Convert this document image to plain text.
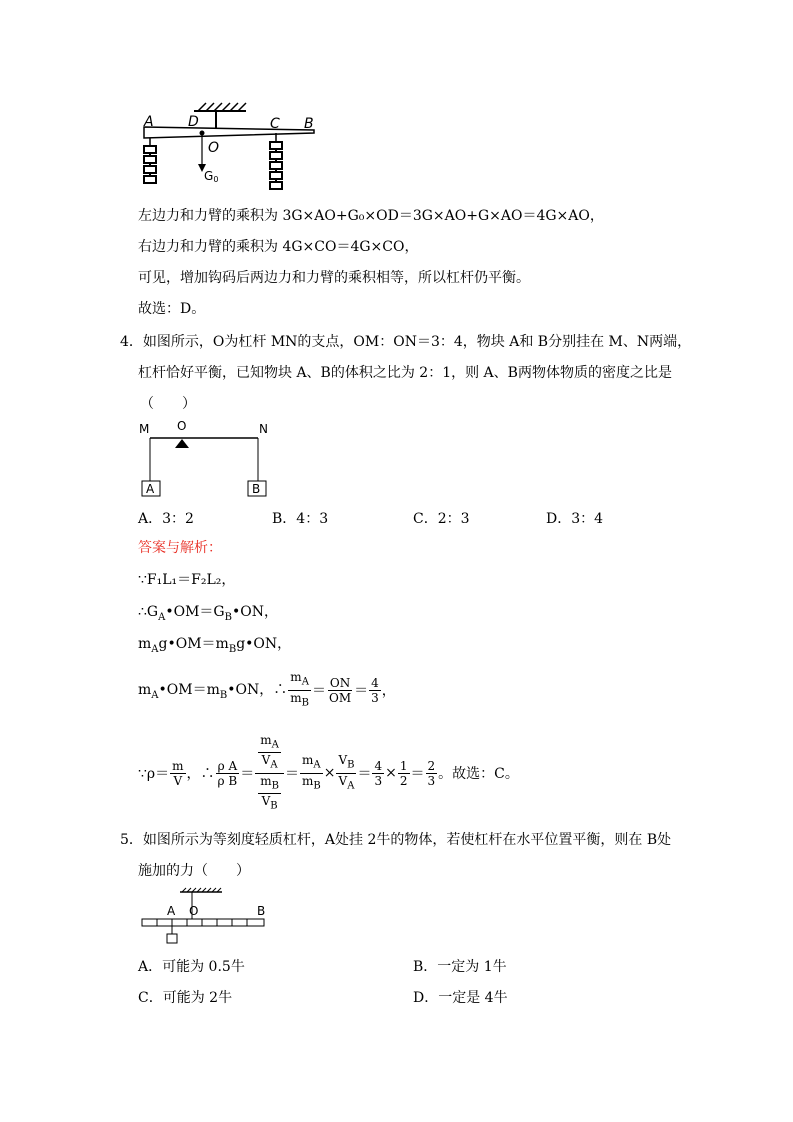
A D
O
C B
G0
左边力和力臂的乘积为 3G×AO+G₀×OD＝3G×AO+G×AO＝4G×AO，
右边力和力臂的乘积为 4G×CO＝4G×CO，
可见，增加钩码后两边力和力臂的乘积相等，所以杠杆仍平衡。
故选：D。
4．如图所示，O为杠杆 MN的支点，OM：ON＝3：4，物块 A和 B分别挂在 M、N两端，
杠杆恰好平衡，已知物块 A、B的体积之比为 2：1，则 A、B两物体物质的密度之比是
（　　）
M O	N
A	B
A．3：2	B．4：3	C．2：3	D．3：4
答案与解析：
∵F₁L₁＝F₂L₂，
$\therefore G_A•OM=G_B•ON$，
$m_Ag•OM=m_Bg•ON$，
$m_A•OM=m_B•ON$，∴ $\frac{m_A}{m_B} = \frac{ON}{OM} = \frac{4}{3}$ ，
∵ρ＝ $\frac{m}{V}$ ，∴ $\frac{\text{ρ A}}{\text{ρ B}} = \frac{\frac{m_A}{V_A}}{\frac{m_B}{V_B}} = \frac{m_A}{m_B} \times \frac{V_B}{V_A} = \frac{4}{3} \times \frac{1}{2} = \frac{2}{3}$ 。故选：C。
5．如图所示为等刻度轻质杠杆，A处挂 2牛的物体，若使杠杆在水平位置平衡，则在 B处
施加的力（　　）
A O	B
A．可能为 0.5牛	B．一定为 1牛
C．可能为 2牛	D．一定是 4牛
